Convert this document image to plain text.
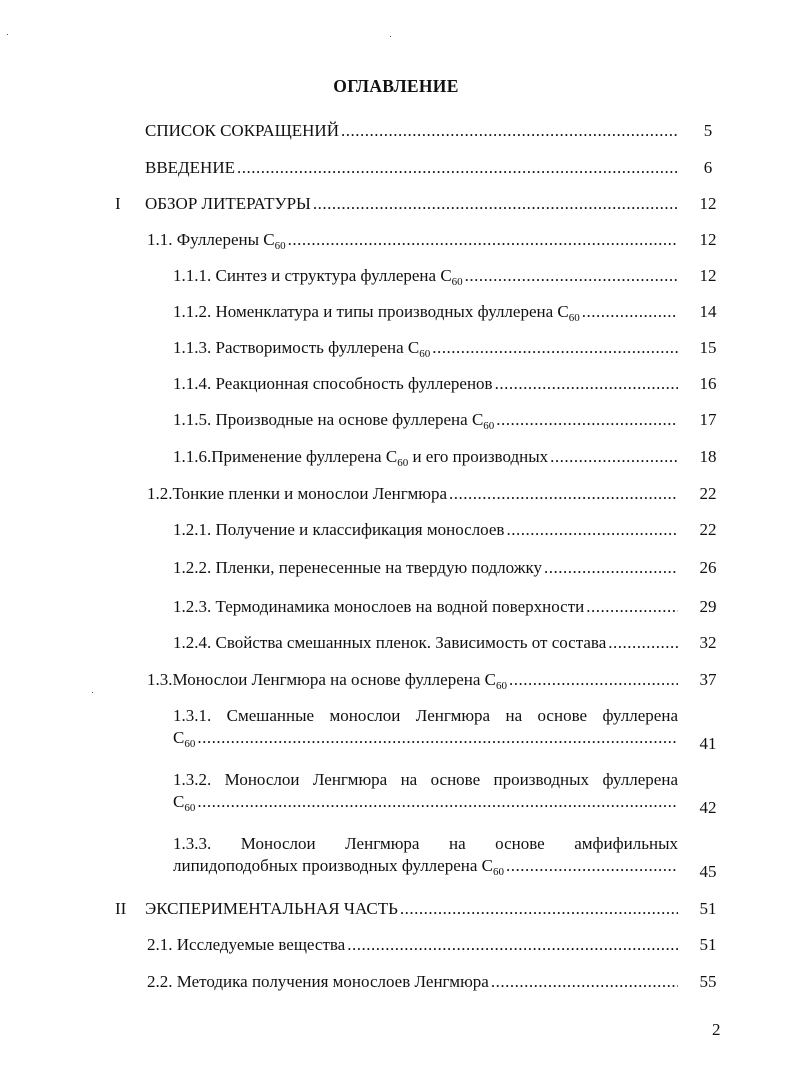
ОГЛАВЛЕНИЕ
СПИСОК СОКРАЩЕНИЙ .....	5
ВВЕДЕНИЕ .....	6
I ОБЗОР ЛИТЕРАТУРЫ .....	12
1.1. Фуллерены $С_{60}$ .....	12
1.1.1. Синтез и структура фуллерена $С_{60}$ .....	12
1.1.2. Номенклатура и типы производных фуллерена $С_{60}$ .....	14
1.1.3. Растворимость фуллерена $С_{60}$ .....	15
1.1.4. Реакционная способность фуллеренов .....	16
1.1.5. Производные на основе фуллерена $С_{60}$ .....	17
1.1.6.Применение фуллерена $С_{60}$ и его производных .....	18
1.2.Тонкие пленки и монослои Ленгмюра .....	22
1.2.1. Получение и классификация монослоев .....	22
1.2.2. Пленки, перенесенные на твердую подложку .....	26
1.2.3. Термодинамика монослоев на водной поверхности .....	29
1.2.4. Свойства смешанных пленок. Зависимость от состава .....	32
1.3.Монослои Ленгмюра на основе фуллерена $С_{60}$ .....	37
1.3.1. Смешанные монослои Ленгмюра на основе фуллерена
$С_{60}$ .....	41
1.3.2. Монослои Ленгмюра на основе производных фуллерена
$С_{60}$ .....	42
1.3.3. Монослои Ленгмюра на основе амфифильных
липидоподобных производных фуллерена $С_{60}$ .....	45
II ЭКСПЕРИМЕНТАЛЬНАЯ ЧАСТЬ .....	51
2.1. Исследуемые вещества .....	51
2.2. Методика получения монослоев Ленгмюра .....	55
2
